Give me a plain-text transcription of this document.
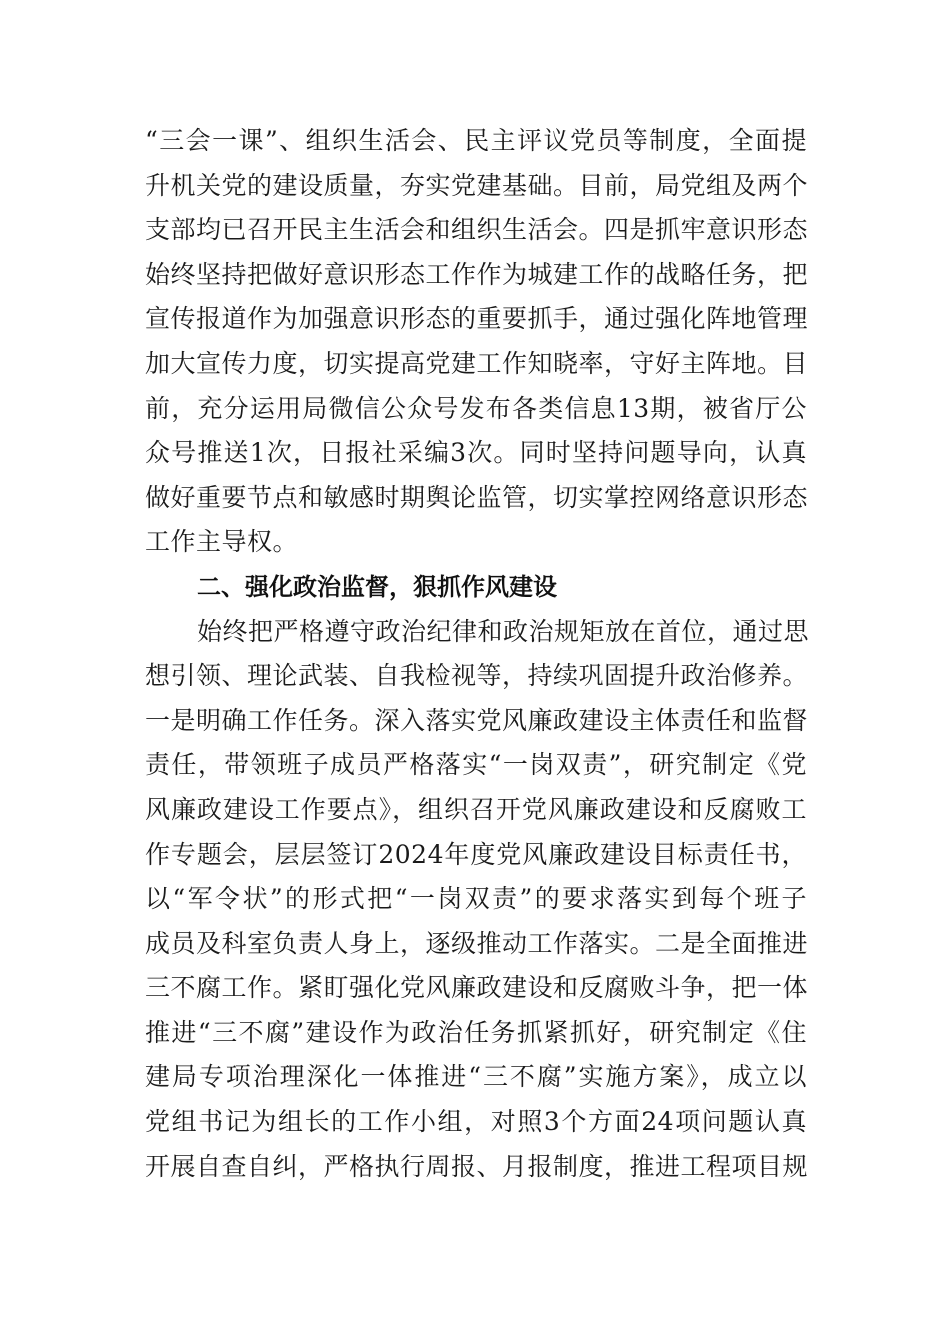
“三会一课”、组织生活会、民主评议党员等制度，全面提
升机关党的建设质量，夯实党建基础。目前，局党组及两个
支部均已召开民主生活会和组织生活会。四是抓牢意识形态
始终坚持把做好意识形态工作作为城建工作的战略任务，把
宣传报道作为加强意识形态的重要抓手，通过强化阵地管理
加大宣传力度，切实提高党建工作知晓率，守好主阵地。目
前，充分运用局微信公众号发布各类信息13期，被省厅公
众号推送1次，日报社采编3次。同时坚持问题导向，认真
做好重要节点和敏感时期舆论监管，切实掌控网络意识形态
工作主导权。
二、强化政治监督，狠抓作风建设
始终把严格遵守政治纪律和政治规矩放在首位，通过思
想引领、理论武装、自我检视等，持续巩固提升政治修养。
一是明确工作任务。深入落实党风廉政建设主体责任和监督
责任，带领班子成员严格落实“一岗双责”，研究制定《党
风廉政建设工作要点》，组织召开党风廉政建设和反腐败工
作专题会，层层签订2024年度党风廉政建设目标责任书，
以“军令状”的形式把“一岗双责”的要求落实到每个班子
成员及科室负责人身上，逐级推动工作落实。二是全面推进
三不腐工作。紧盯强化党风廉政建设和反腐败斗争，把一体
推进“三不腐”建设作为政治任务抓紧抓好，研究制定《住
建局专项治理深化一体推进“三不腐”实施方案》，成立以
党组书记为组长的工作小组，对照3个方面24项问题认真
开展自查自纠，严格执行周报、月报制度，推进工程项目规
